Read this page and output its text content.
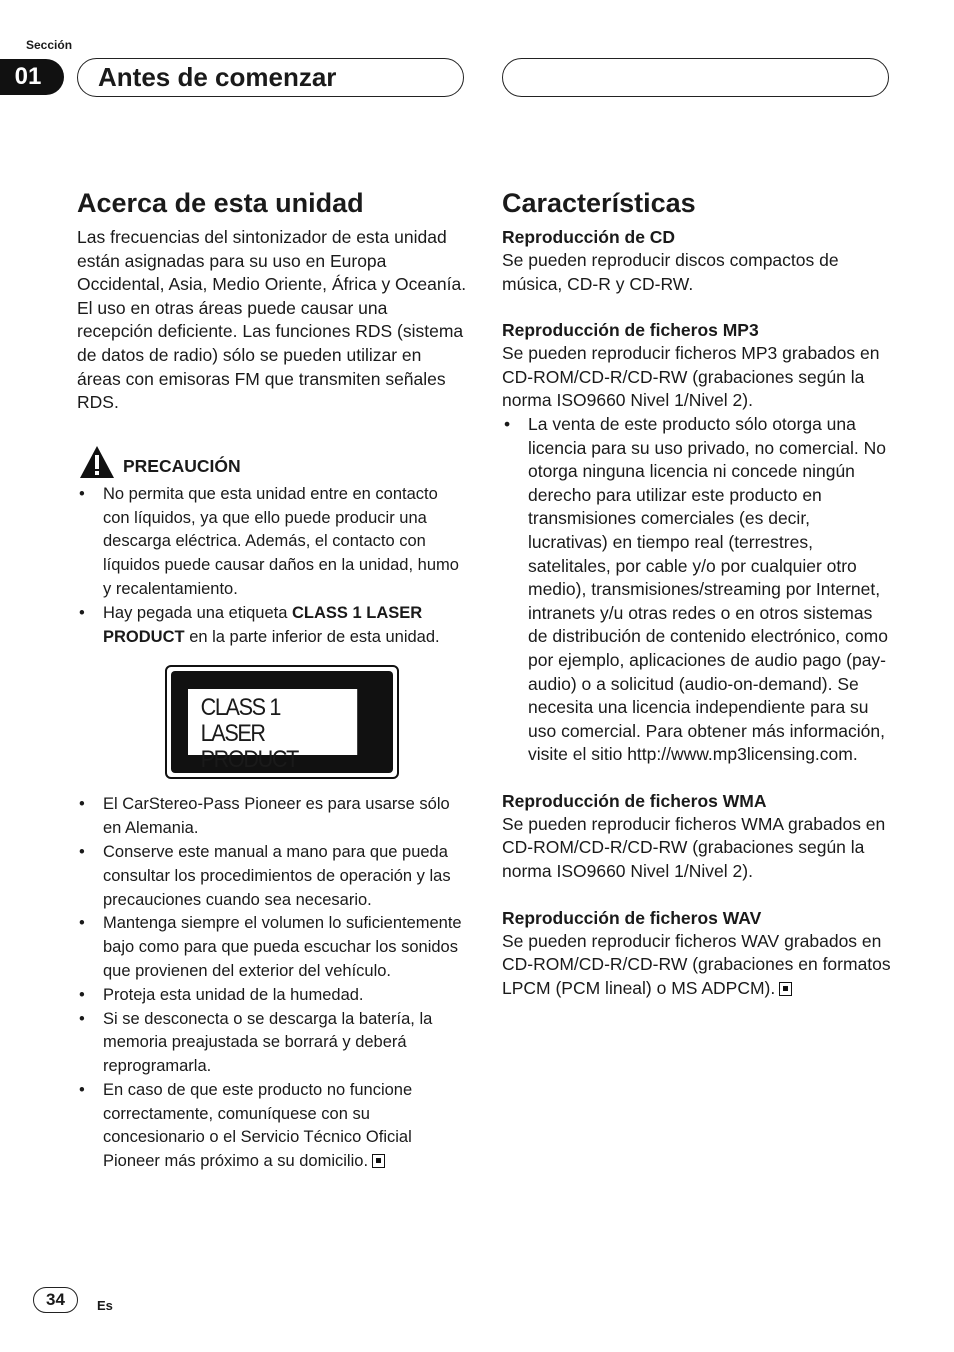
Sección
01	Antes de comenzar
Acerca de esta unidad

Las frecuencias del sintonizador de esta unidad están asignadas para su uso en Europa Occidental, Asia, Medio Oriente, África y Oceanía. El uso en otras áreas puede causar una recepción deficiente. Las funciones RDS (sistema de datos de radio) sólo se pueden utilizar en áreas con emisoras FM que transmiten señales RDS.

PRECAUCIÓN
• No permita que esta unidad entre en contacto con líquidos, ya que ello puede producir una descarga eléctrica. Además, el contacto con líquidos puede causar daños en la unidad, humo y recalentamiento.
• Hay pegada una etiqueta CLASS 1 LASER PRODUCT en la parte inferior de esta unidad.
CLASS 1
LASER PRODUCT
• El CarStereo-Pass Pioneer es para usarse sólo en Alemania.
• Conserve este manual a mano para que pueda consultar los procedimientos de operación y las precauciones cuando sea necesario.
• Mantenga siempre el volumen lo suficientemente bajo como para que pueda escuchar los sonidos que provienen del exterior del vehículo.
• Proteja esta unidad de la humedad.
• Si se desconecta o se descarga la batería, la memoria preajustada se borrará y deberá reprogramarla.
• En caso de que este producto no funcione correctamente, comuníquese con su concesionario o el Servicio Técnico Oficial Pioneer más próximo a su domicilio.
Características
Reproducción de CD

Se pueden reproducir discos compactos de música, CD-R y CD-RW.

Reproducción de ficheros MP3

Se pueden reproducir ficheros MP3 grabados en CD-ROM/CD-R/CD-RW (grabaciones según la norma ISO9660 Nivel 1/Nivel 2).

• La venta de este producto sólo otorga una licencia para su uso privado, no comercial. No otorga ninguna licencia ni concede ningún derecho para utilizar este producto en transmisiones comerciales (es decir, lucrativas) en tiempo real (terrestres, satelitales, por cable y/o por cualquier otro medio), transmisiones/streaming por Internet, intranets y/u otras redes o en otros sistemas de distribución de contenido electrónico, como por ejemplo, aplicaciones de audio pago (pay-audio) o a solicitud (audio-on-demand). Se necesita una licencia independiente para su uso comercial. Para obtener más información, visite el sitio http://www.mp3licensing.com.
Reproducción de ficheros WMA

Se pueden reproducir ficheros WMA grabados en CD-ROM/CD-R/CD-RW (grabaciones según la norma ISO9660 Nivel 1/Nivel 2).

Reproducción de ficheros WAV

Se pueden reproducir ficheros WAV grabados en CD-ROM/CD-R/CD-RW (grabaciones en formatos LPCM (PCM lineal) o MS ADPCM).

34	Es
